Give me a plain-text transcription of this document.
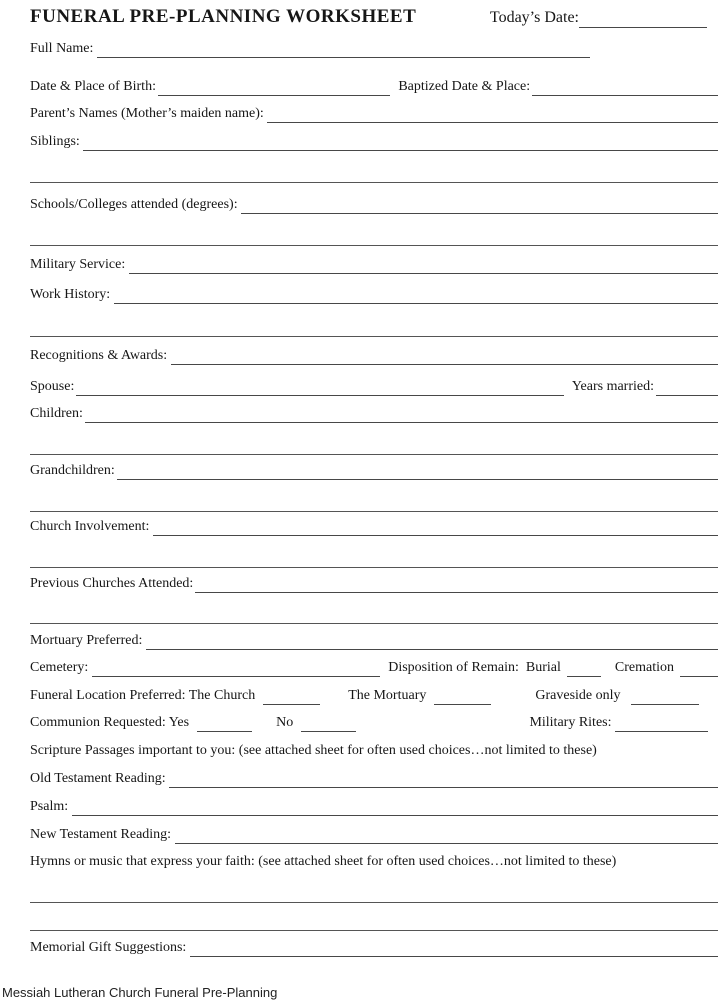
FUNERAL PRE-PLANNING WORKSHEET	Today’s Date:
Full Name:
Date & Place of Birth:	Baptized Date & Place:
Parent’s Names (Mother’s maiden name):
Siblings:
Schools/Colleges attended (degrees):
Military Service:
Work History:
Recognitions & Awards:
Spouse:	Years married:
Children:
Grandchildren:
Church Involvement:
Previous Churches Attended:
Mortuary Preferred:
Cemetery:	Disposition of Remain:  Burial	Cremation
Funeral Location Preferred: The Church	The Mortuary	Graveside only
Communion Requested: Yes	No	Military Rites:
Scripture Passages important to you: (see attached sheet for often used choices…not limited to these)
Old Testament Reading:
Psalm:
New Testament Reading:
Hymns or music that express your faith: (see attached sheet for often used choices…not limited to these)
Memorial Gift Suggestions:
Messiah Lutheran Church Funeral Pre-Planning
